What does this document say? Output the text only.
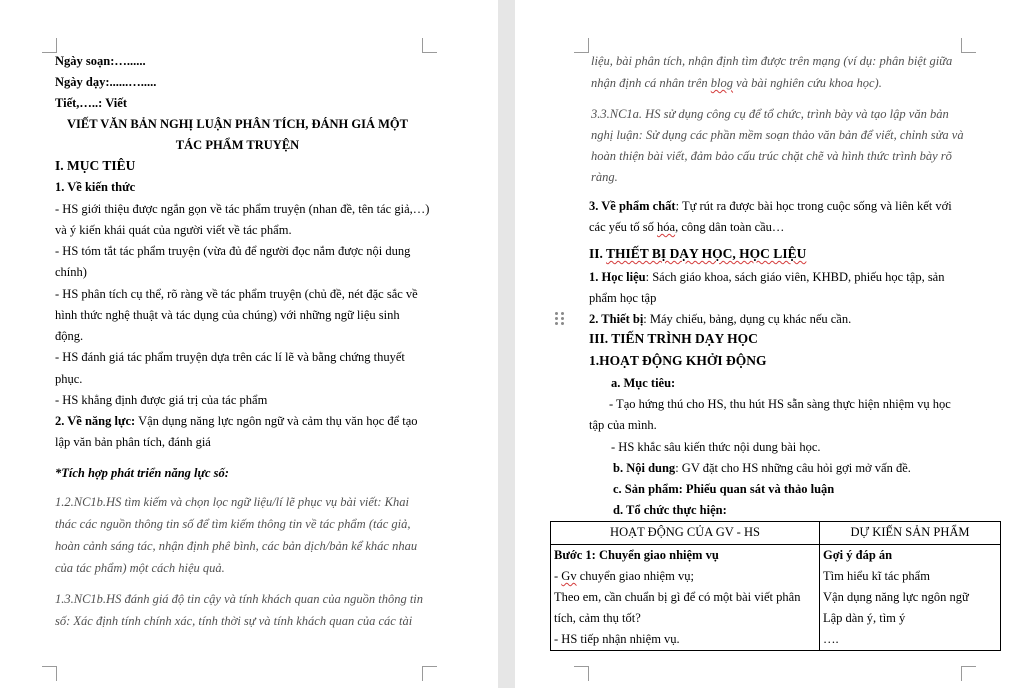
Ngày soạn:…......
Ngày dạy:......….....
Tiết,…..: Viết
VIẾT VĂN BẢN NGHỊ LUẬN PHÂN TÍCH, ĐÁNH GIÁ MỘT
TÁC PHẨM TRUYỆN
I. MỤC TIÊU
1. Về kiến thức
- HS giới thiệu được ngắn gọn về tác phẩm truyện (nhan đề, tên tác giả,…)
và ý kiến khái quát của người viết về tác phẩm.
- HS tóm tắt tác phẩm truyện (vừa đủ để người đọc nắm được nội dung
chính)
- HS phân tích cụ thể, rõ ràng về tác phẩm truyện (chủ đề, nét đặc sắc về
hình thức nghệ thuật và tác dụng của chúng) với những ngữ liệu sinh
động.
- HS đánh giá tác phẩm truyện dựa trên các lí lẽ và bằng chứng thuyết
phục.
- HS khẳng định được giá trị của tác phẩm
2. Về năng lực: Vận dụng năng lực ngôn ngữ và cảm thụ văn học để tạo
lập văn bản phân tích, đánh giá
*Tích hợp phát triển năng lực số:
1.2.NC1b.HS tìm kiếm và chọn lọc ngữ liệu/lí lẽ phục vụ bài viết: Khai
thác các nguồn thông tin số để tìm kiếm thông tin về tác phẩm (tác giả,
hoàn cảnh sáng tác, nhận định phê bình, các bản dịch/bản kể khác nhau
của tác phẩm) một cách hiệu quả.
1.3.NC1b.HS đánh giá độ tin cậy và tính khách quan của nguồn thông tin
số: Xác định tính chính xác, tính thời sự và tính khách quan của các tài
liệu, bài phân tích, nhận định tìm được trên mạng (ví dụ: phân biệt giữa
nhận định cá nhân trên blog và bài nghiên cứu khoa học).
3.3.NC1a. HS sử dụng công cụ để tổ chức, trình bày và tạo lập văn bản
nghị luận: Sử dụng các phần mềm soạn thảo văn bản để viết, chỉnh sửa và
hoàn thiện bài viết, đảm bảo cấu trúc chặt chẽ và hình thức trình bày rõ
ràng.
3. Về phẩm chất: Tự rút ra được bài học trong cuộc sống và liên kết với
các yếu tố số hóa, công dân toàn cầu…
II. THIẾT BỊ DẠY HỌC, HỌC LIỆU
1. Học liệu: Sách giáo khoa, sách giáo viên, KHBD, phiếu học tập, sản
phẩm học tập
2. Thiết bị: Máy chiếu, bảng, dụng cụ khác nếu cần.
III. TIẾN TRÌNH DẠY HỌC
1.HOẠT ĐỘNG KHỞI ĐỘNG
a. Mục tiêu:
- Tạo hứng thú cho HS, thu hút HS sẵn sàng thực hiện nhiệm vụ học
tập của mình.
- HS khắc sâu kiến thức nội dung bài học.
b. Nội dung: GV đặt cho HS những câu hỏi gợi mở vấn đề.
c. Sản phẩm: Phiếu quan sát và thảo luận
d. Tổ chức thực hiện:
HOẠT ĐỘNG CỦA GV - HS	DỰ KIẾN SẢN PHẨM

Bước 1: Chuyển giao nhiệm vụ
- Gv chuyển giao nhiệm vụ;
Theo em, cần chuẩn bị gì để có một bài viết phân
tích, cảm thụ tốt?
- HS tiếp nhận nhiệm vụ.	Gợi ý đáp án
Tìm hiểu kĩ tác phẩm
Vận dụng năng lực ngôn ngữ
Lập dàn ý, tìm ý
….
